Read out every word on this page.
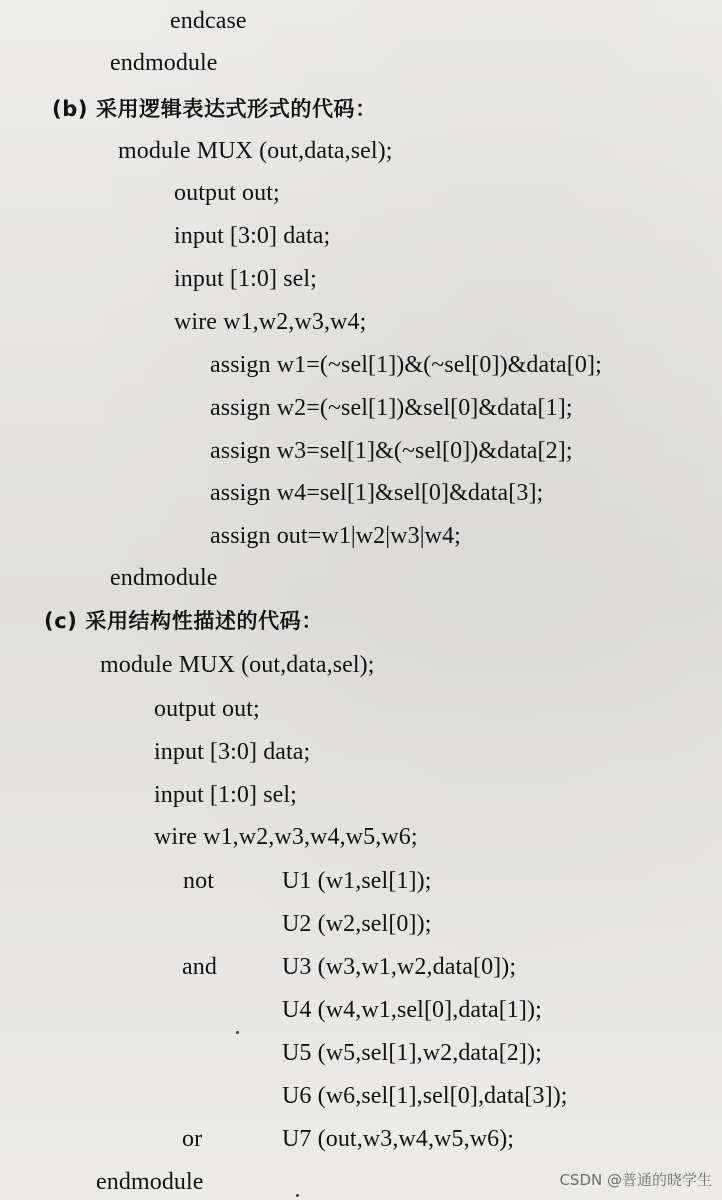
endcase
endmodule
(b) 采用逻辑表达式形式的代码：
module MUX (out,data,sel);
output out;
input [3:0] data;
input [1:0] sel;
wire w1,w2,w3,w4;
assign w1=(~sel[1])&(~sel[0])&data[0];
assign w2=(~sel[1])&sel[0]&data[1];
assign w3=sel[1]&(~sel[0])&data[2];
assign w4=sel[1]&sel[0]&data[3];
assign out=w1|w2|w3|w4;
endmodule
(c) 采用结构性描述的代码：
module MUX (out,data,sel);
output out;
input [3:0] data;
input [1:0] sel;
wire w1,w2,w3,w4,w5,w6;
not	U1 (w1,sel[1]);
U2 (w2,sel[0]);
and	U3 (w3,w1,w2,data[0]);
U4 (w4,w1,sel[0],data[1]);
U5 (w5,sel[1],w2,data[2]);
U6 (w6,sel[1],sel[0],data[3]);
or	U7 (out,w3,w4,w5,w6);
endmodule	CSDN @普通的晓学生
